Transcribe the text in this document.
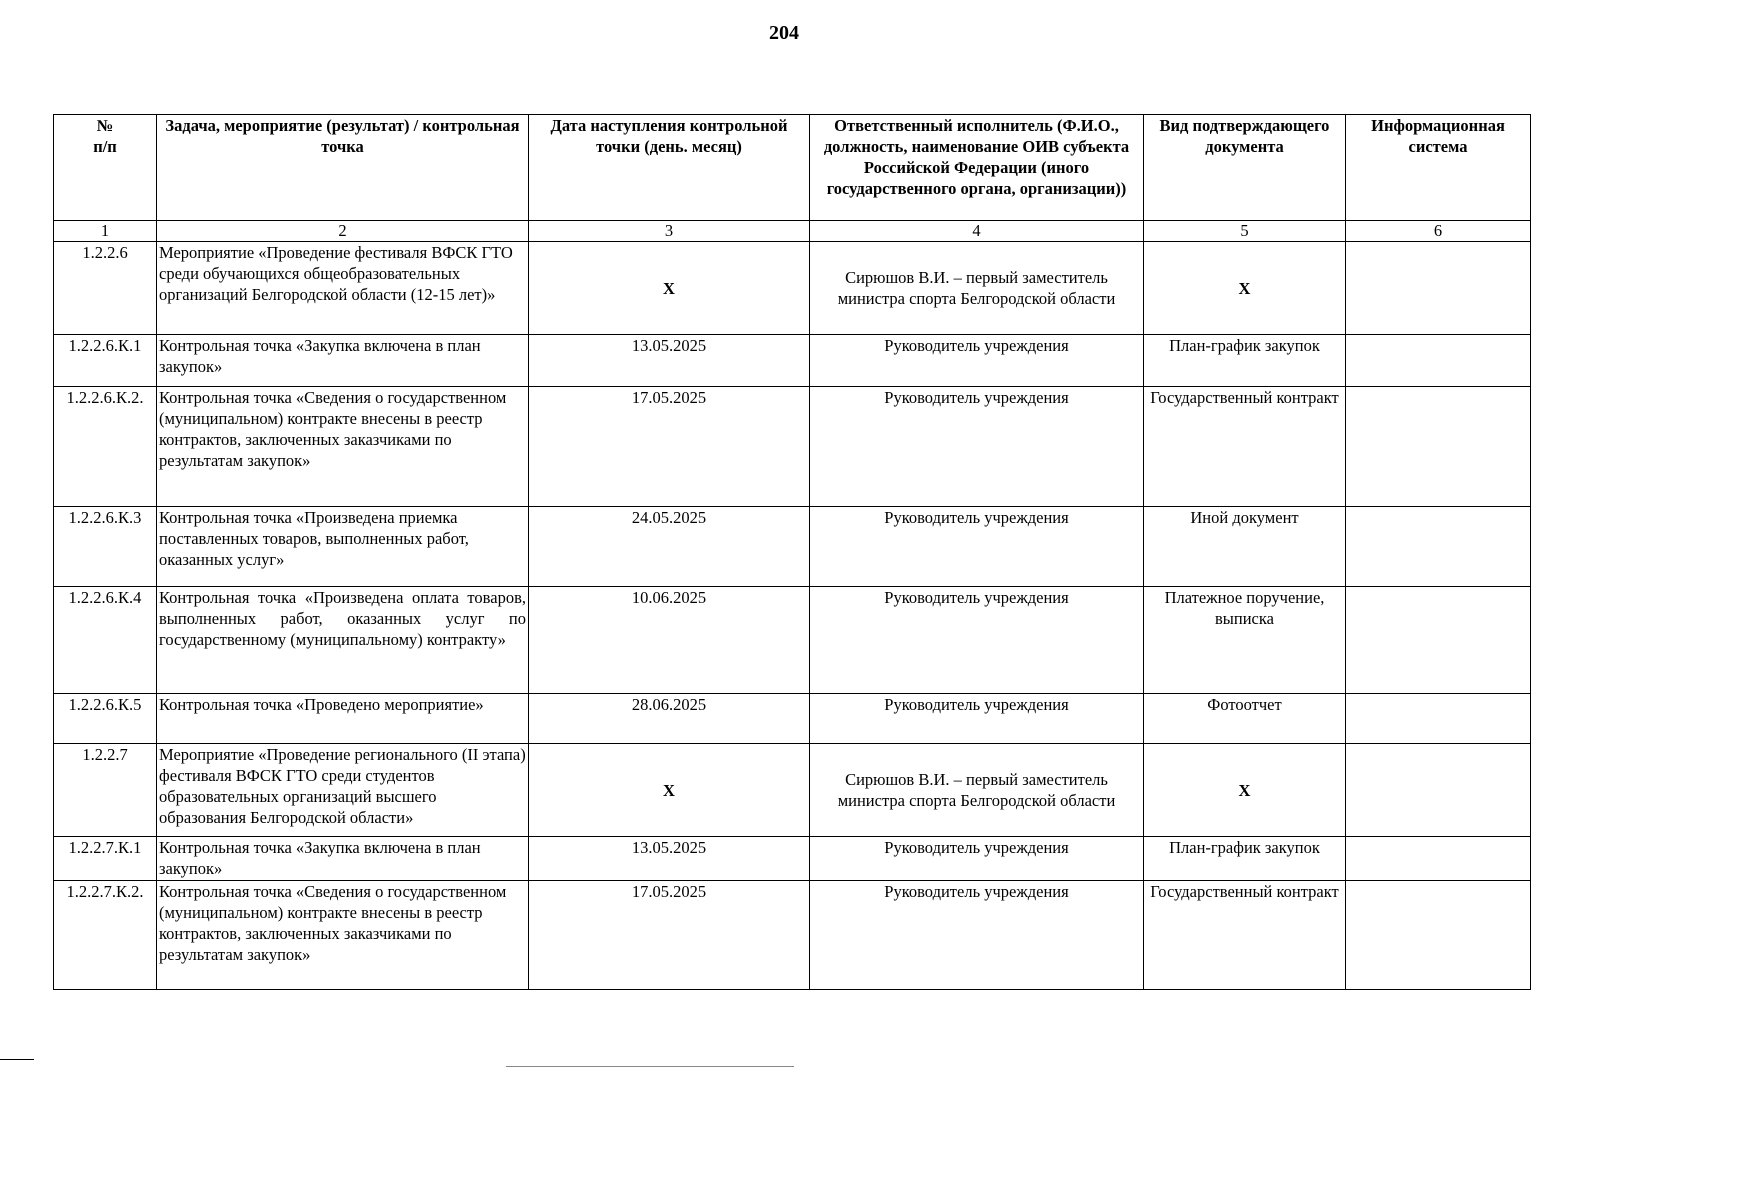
204
№
п/п	Задача, мероприятие (результат) / контрольная точка	Дата наступления контрольной точки (день. месяц)	Ответственный исполнитель (Ф.И.О., должность, наименование ОИВ субъекта Российской Федерации (иного государственного органа, организации))	Вид подтверждающего документа	Информационная система
1	2	3	4	5	6
1.2.2.6	Мероприятие «Проведение фестиваля ВФСК ГТО среди обучающихся общеобразовательных организаций Белгородской области (12-15 лет)»	Х	Сирюшов В.И. – первый заместитель министра спорта Белгородской области	Х	
1.2.2.6.К.1	Контрольная точка «Закупка включена в план закупок»	13.05.2025	Руководитель учреждения	План-график закупок	
1.2.2.6.К.2.	Контрольная точка «Сведения о государственном (муниципальном) контракте внесены в реестр контрактов, заключенных заказчиками по результатам закупок»	17.05.2025	Руководитель учреждения	Государственный контракт	
1.2.2.6.К.3	Контрольная точка «Произведена приемка поставленных товаров, выполненных работ, оказанных услуг»	24.05.2025	Руководитель учреждения	Иной документ	
1.2.2.6.К.4	Контрольная точка «Произведена оплата товаров, выполненных работ, оказанных услуг по государственному (муниципальному) контракту»	10.06.2025	Руководитель учреждения	Платежное поручение, выписка	
1.2.2.6.К.5	Контрольная точка «Проведено мероприятие»	28.06.2025	Руководитель учреждения	Фотоотчет	
1.2.2.7	Мероприятие «Проведение регионального (II этапа) фестиваля ВФСК ГТО среди студентов образовательных организаций высшего образования Белгородской области»	Х	Сирюшов В.И. – первый заместитель министра спорта Белгородской области	Х	
1.2.2.7.К.1	Контрольная точка «Закупка включена в план закупок»	13.05.2025	Руководитель учреждения	План-график закупок	
1.2.2.7.К.2.	Контрольная точка «Сведения о государственном (муниципальном) контракте внесены в реестр контрактов, заключенных заказчиками по результатам закупок»	17.05.2025	Руководитель учреждения	Государственный контракт	
